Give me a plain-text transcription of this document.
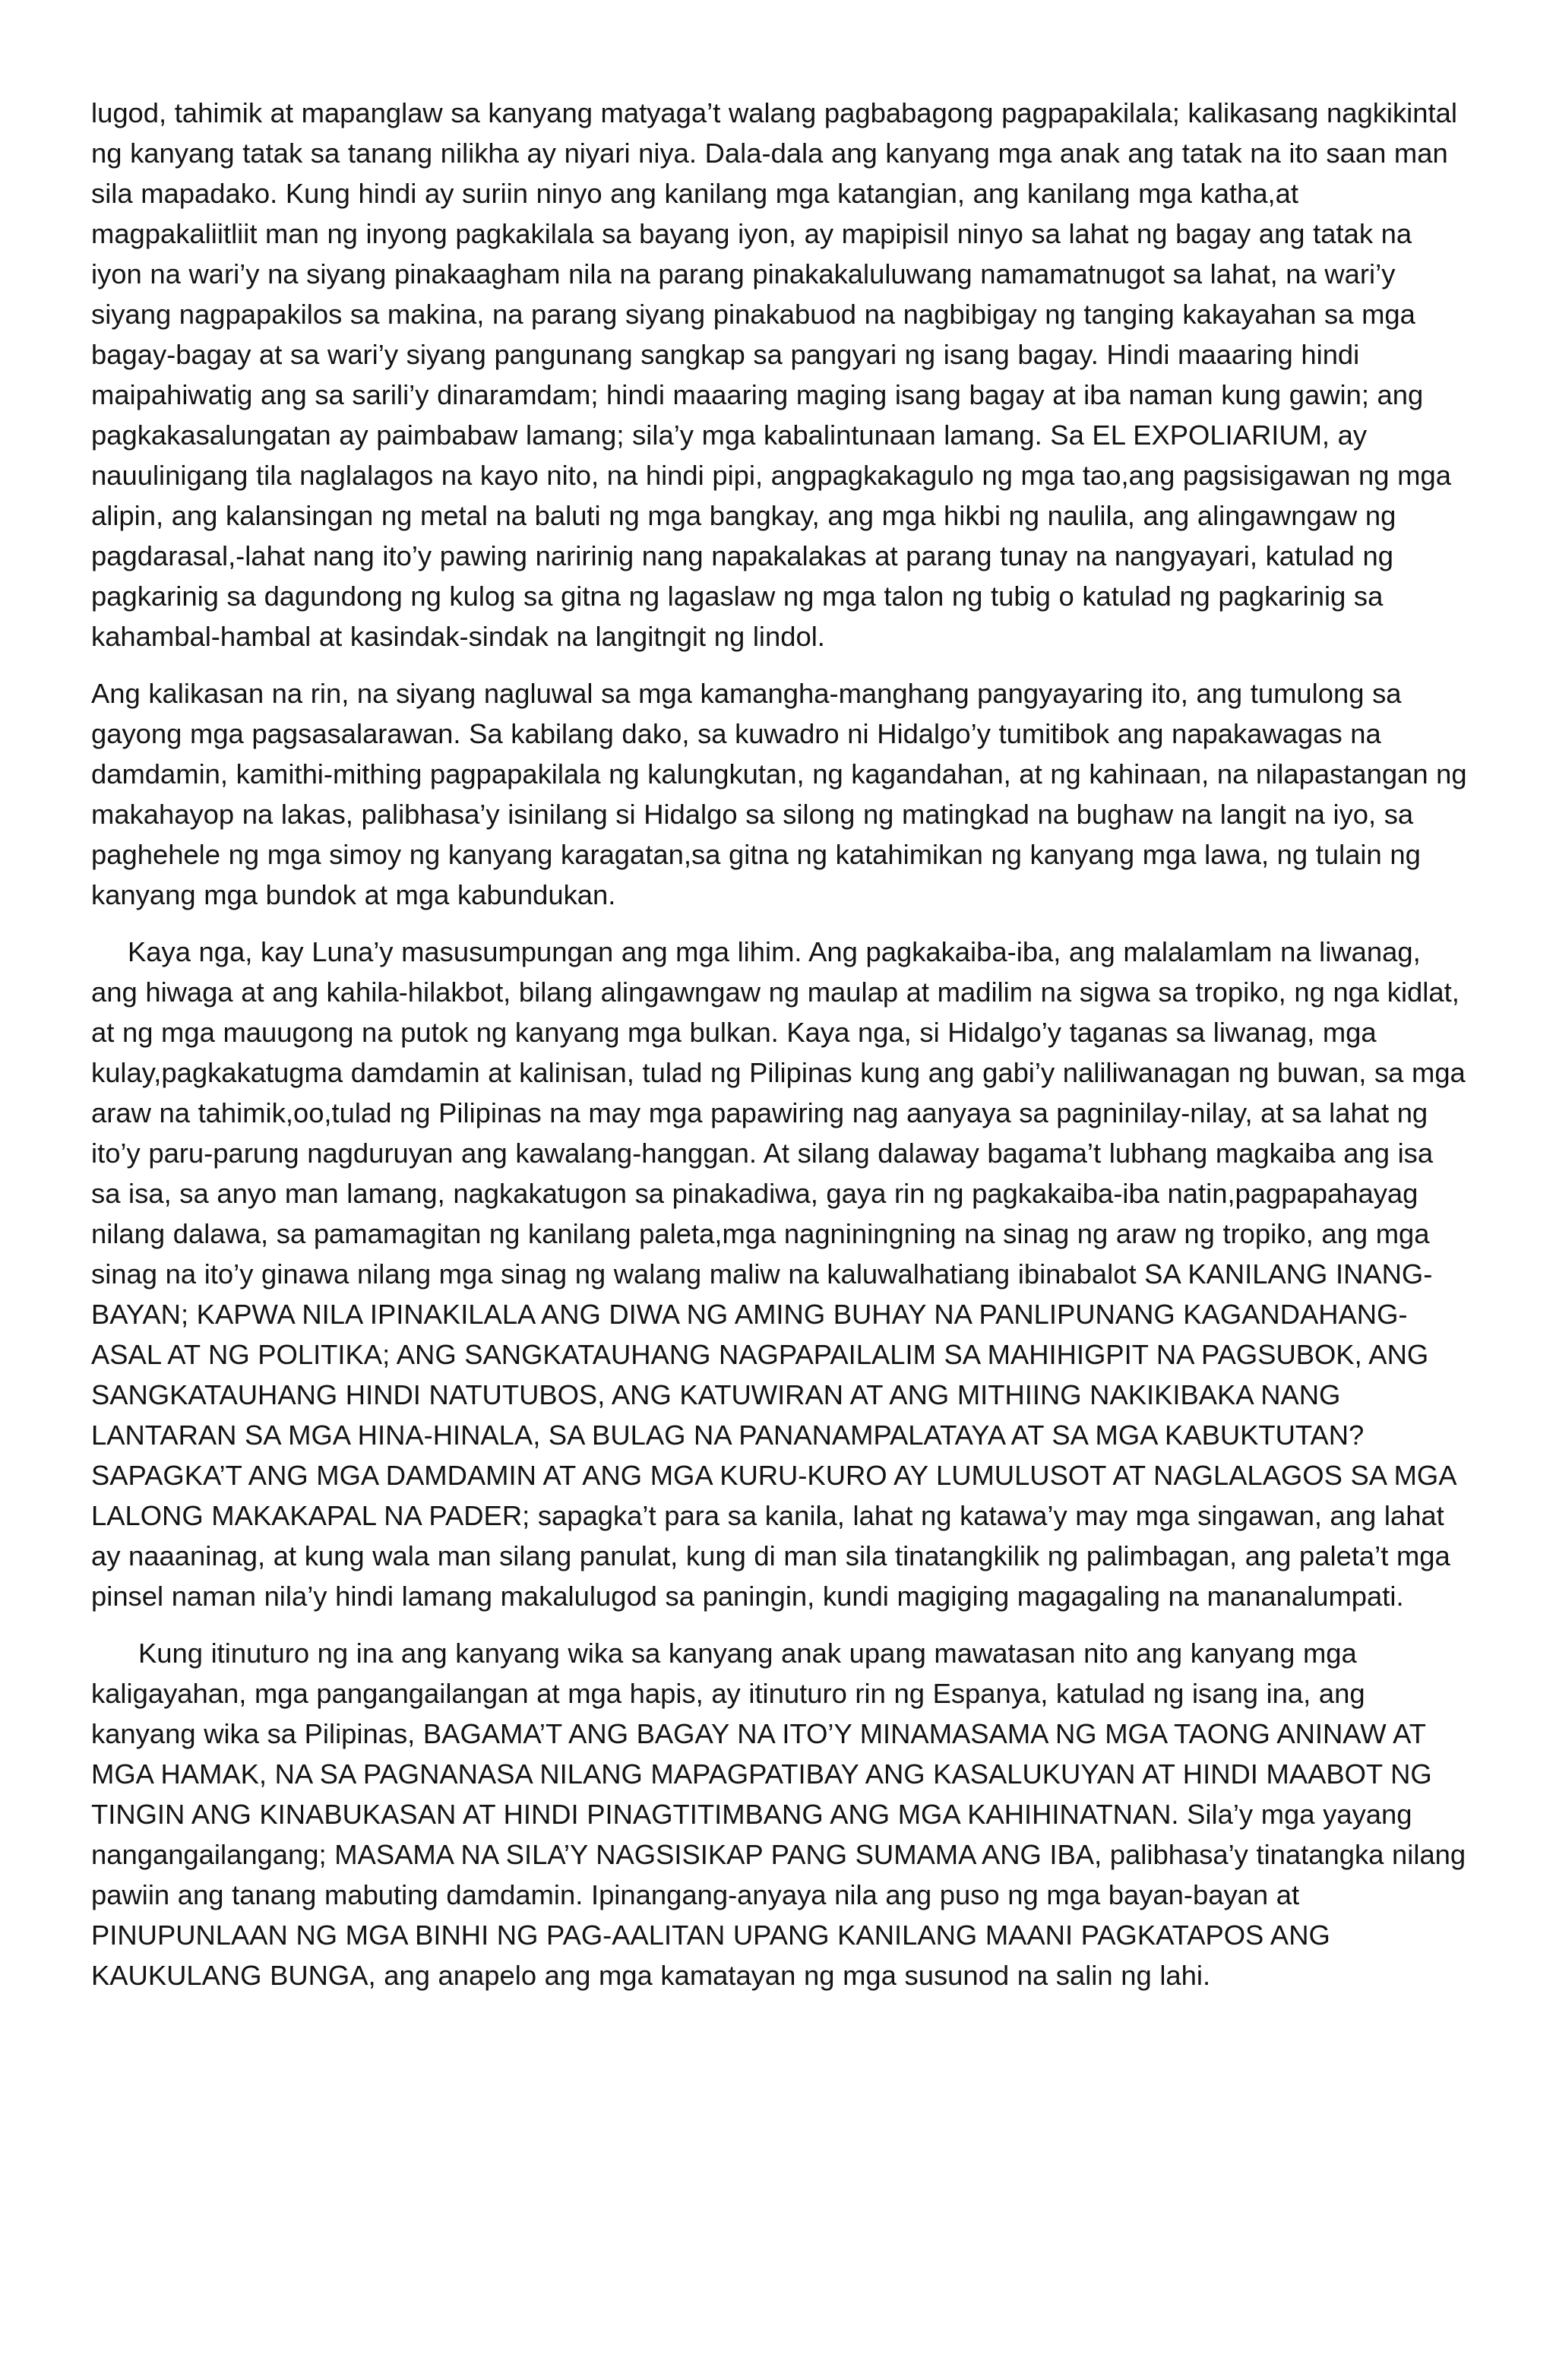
lugod, tahimik at mapanglaw sa kanyang matyaga’t walang pagbabagong pagpapakilala; kalikasang nagkikintal ng kanyang tatak sa tanang nilikha ay niyari niya. Dala-dala ang kanyang mga anak ang tatak na ito saan man sila mapadako. Kung hindi ay suriin ninyo ang kanilang mga katangian, ang kanilang mga katha,at magpakaliitliit man ng inyong pagkakilala sa bayang iyon, ay mapipisil ninyo sa lahat ng bagay ang tatak na iyon na wari’y na siyang pinakaagham nila na parang pinakakaluluwang namamatnugot sa lahat, na wari’y siyang nagpapakilos sa makina, na parang siyang pinakabuod na nagbibigay ng tanging kakayahan sa mga bagay-bagay at sa wari’y siyang pangunang sangkap sa pangyari ng isang bagay. Hindi maaaring hindi maipahiwatig ang sa sarili’y dinaramdam; hindi maaaring maging isang bagay at iba naman kung gawin; ang pagkakasalungatan ay paimbabaw lamang; sila’y mga kabalintunaan lamang. Sa EL EXPOLIARIUM, ay nauulinigang tila naglalagos na kayo nito, na hindi pipi, angpagkakagulo ng mga tao,ang pagsisigawan ng mga alipin, ang kalansingan ng metal na baluti ng mga bangkay, ang mga hikbi ng naulila, ang alingawngaw ng pagdarasal,-lahat nang ito’y pawing naririnig nang napakalakas at parang tunay na nangyayari, katulad ng pagkarinig sa dagundong ng kulog sa gitna ng lagaslaw ng mga talon ng tubig o katulad ng pagkarinig sa kahambal-hambal at kasindak-sindak na langitngit ng lindol.

Ang kalikasan na rin, na siyang nagluwal sa mga kamangha-manghang pangyayaring ito, ang tumulong sa gayong mga pagsasalarawan. Sa kabilang dako, sa kuwadro ni Hidalgo’y tumitibok ang napakawagas na damdamin, kamithi-mithing pagpapakilala ng kalungkutan, ng kagandahan, at ng kahinaan, na nilapastangan ng makahayop na lakas, palibhasa’y isinilang si Hidalgo sa silong ng matingkad na bughaw na langit na iyo, sa paghehele ng mga simoy ng kanyang karagatan,sa gitna ng katahimikan ng kanyang mga lawa, ng tulain ng kanyang mga bundok at mga kabundukan.

Kaya nga, kay Luna’y masusumpungan ang mga lihim. Ang pagkakaiba-iba, ang malalamlam na liwanag, ang hiwaga at ang kahila-hilakbot, bilang alingawngaw ng maulap at madilim na sigwa sa tropiko, ng nga kidlat, at ng mga mauugong na putok ng kanyang mga bulkan. Kaya nga, si Hidalgo’y taganas sa liwanag, mga kulay,pagkakatugma damdamin at kalinisan, tulad ng Pilipinas kung ang gabi’y naliliwanagan ng buwan, sa mga araw na tahimik,oo,tulad ng Pilipinas na may mga papawiring nag aanyaya sa pagninilay-nilay, at sa lahat ng ito’y paru-parung nagduruyan ang kawalang-hanggan. At silang dalaway bagama’t lubhang magkaiba ang isa sa isa, sa anyo man lamang, nagkakatugon sa pinakadiwa, gaya rin ng pagkakaiba-iba natin,pagpapahayag nilang dalawa, sa pamamagitan ng kanilang paleta,mga nagniningning na sinag ng araw ng tropiko, ang mga sinag na ito’y ginawa nilang mga sinag ng walang maliw na kaluwalhatiang ibinabalot SA KANILANG INANG-BAYAN; KAPWA NILA IPINAKILALA ANG DIWA NG AMING BUHAY NA PANLIPUNANG KAGANDAHANG-ASAL AT NG POLITIKA; ANG SANGKATAUHANG NAGPAPAILALIM SA MAHIHIGPIT NA PAGSUBOK, ANG SANGKATAUHANG HINDI NATUTUBOS, ANG KATUWIRAN AT ANG MITHIING NAKIKIBAKA NANG LANTARAN SA MGA HINA-HINALA, SA BULAG NA PANANAMPALATAYA AT SA MGA KABUKTUTAN? SAPAGKA’T ANG MGA DAMDAMIN AT ANG MGA KURU-KURO AY LUMULUSOT AT NAGLALAGOS SA MGA LALONG MAKAKAPAL NA PADER; sapagka’t para sa kanila, lahat ng katawa’y may mga singawan, ang lahat ay naaaninag, at kung wala man silang panulat, kung di man sila tinatangkilik ng palimbagan, ang paleta’t mga pinsel naman nila’y hindi lamang makalulugod sa paningin, kundi magiging magagaling na mananalumpati.

Kung itinuturo ng ina ang kanyang wika sa kanyang anak upang mawatasan nito ang kanyang mga kaligayahan, mga pangangailangan at mga hapis, ay itinuturo rin ng Espanya, katulad ng isang ina, ang kanyang wika sa Pilipinas, BAGAMA’T ANG BAGAY NA ITO’Y MINAMASAMA NG MGA TAONG ANINAW AT MGA HAMAK, NA SA PAGNANASA NILANG MAPAGPATIBAY ANG KASALUKUYAN AT HINDI MAABOT NG TINGIN ANG KINABUKASAN AT HINDI PINAGTITIMBANG ANG MGA KAHIHINATNAN. Sila’y mga yayang nangangailangang; MASAMA NA SILA’Y NAGSISIKAP PANG SUMAMA ANG IBA, palibhasa’y tinatangka nilang pawiin ang tanang mabuting damdamin. Ipinangang-anyaya nila ang puso ng mga bayan-bayan at PINUPUNLAAN NG MGA BINHI NG PAG-AALITAN UPANG KANILANG MAANI PAGKATAPOS ANG KAUKULANG BUNGA, ang anapelo ang mga kamatayan ng mga susunod na salin ng lahi.
